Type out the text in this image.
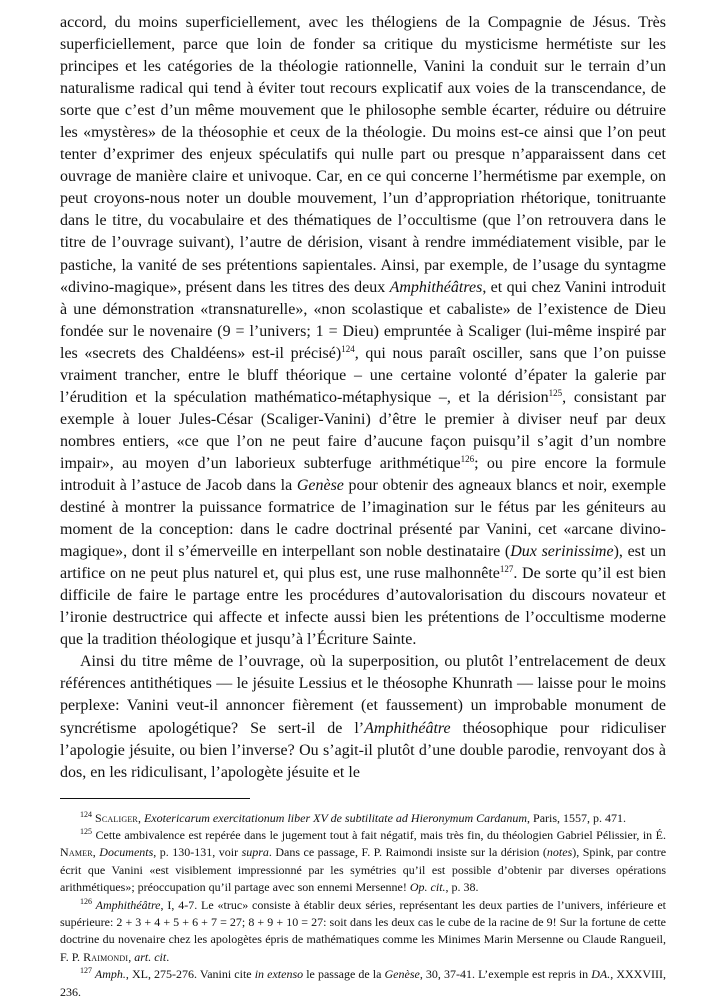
accord, du moins superficiellement, avec les thélogiens de la Compagnie de Jésus. Très superficiellement, parce que loin de fonder sa critique du mysticisme hermétiste sur les principes et les catégories de la théologie rationnelle, Vanini la conduit sur le terrain d’un naturalisme radical qui tend à éviter tout recours explicatif aux voies de la transcendance, de sorte que c’est d’un même mouvement que le philosophe semble écarter, réduire ou détruire les «mystères» de la théosophie et ceux de la théologie. Du moins est-ce ainsi que l’on peut tenter d’exprimer des enjeux spéculatifs qui nulle part ou presque n’apparaissent dans cet ouvrage de manière claire et univoque. Car, en ce qui concerne l’hermétisme par exemple, on peut croyons-nous noter un double mouvement, l’un d’appropriation rhétorique, tonitruante dans le titre, du vocabulaire et des thématiques de l’occultisme (que l’on retrouvera dans le titre de l’ouvrage suivant), l’autre de dérision, visant à rendre immédiatement visible, par le pastiche, la vanité de ses prétentions sapientales. Ainsi, par exemple, de l’usage du syntagme «divino-magique», présent dans les titres des deux Amphithéâtres, et qui chez Vanini introduit à une démonstration «transnaturelle», «non scolastique et cabaliste» de l’existence de Dieu fondée sur le novenaire (9 = l’univers; 1 = Dieu) empruntée à Scaliger (lui-même inspiré par les «secrets des Chaldéens» est-il précisé)$^{124}$, qui nous paraît osciller, sans que l’on puisse vraiment trancher, entre le bluff théorique – une certaine volonté d’épater la galerie par l’érudition et la spéculation mathématico-métaphysique –, et la dérision$^{125}$, consistant par exemple à louer Jules-César (Scaliger-Vanini) d’être le premier à diviser neuf par deux nombres entiers, «ce que l’on ne peut faire d’aucune façon puisqu’il s’agit d’un nombre impair», au moyen d’un laborieux subterfuge arithmétique$^{126}$; ou pire encore la formule introduit à l’astuce de Jacob dans la Genèse pour obtenir des agneaux blancs et noir, exemple destiné à montrer la puissance formatrice de l’imagination sur le fétus par les géniteurs au moment de la conception: dans le cadre doctrinal présenté par Vanini, cet «arcane divino-magique», dont il s’émerveille en interpellant son noble destinataire (Dux serinissime), est un artifice on ne peut plus naturel et, qui plus est, une ruse malhonnête$^{127}$. De sorte qu’il est bien difficile de faire le partage entre les procédures d’autovalorisation du discours novateur et l’ironie destructrice qui affecte et infecte aussi bien les prétentions de l’occultisme moderne que la tradition théologique et jusqu’à l’Écriture Sainte.

Ainsi du titre même de l’ouvrage, où la superposition, ou plutôt l’entrelacement de deux références antithétiques — le jésuite Lessius et le théosophe Khunrath — laisse pour le moins perplexe: Vanini veut-il annoncer fièrement (et faussement) un improbable monument de syncrétisme apologétique? Se sert-il de l’Amphithéâtre théosophique pour ridiculiser l’apologie jésuite, ou bien l’inverse? Ou s’agit-il plutôt d’une double parodie, renvoyant dos à dos, en les ridiculisant, l’apologète jésuite et le

$^{124}$ Scaliger, Exotericarum exercitationum liber XV de subtilitate ad Hieronymum Cardanum, Paris, 1557, p. 471.

$^{125}$ Cette ambivalence est repérée dans le jugement tout à fait négatif, mais très fin, du théologien Gabriel Pélissier, in É. Namer, Documents, p. 130-131, voir supra. Dans ce passage, F. P. Raimondi insiste sur la dérision (notes), Spink, par contre écrit que Vanini «est visiblement impressionné par les symétries qu’il est possible d’obtenir par diverses opérations arithmétiques»; préoccupation qu’il partage avec son ennemi Mersenne! Op. cit., p. 38.

$^{126}$ Amphithéâtre, I, 4-7. Le «truc» consiste à établir deux séries, représentant les deux parties de l’univers, inférieure et supérieure: 2 + 3 + 4 + 5 + 6 + 7 = 27; 8 + 9 + 10 = 27: soit dans les deux cas le cube de la racine de 9! Sur la fortune de cette doctrine du novenaire chez les apologètes épris de mathématiques comme les Minimes Marin Mersenne ou Claude Rangueil, F. P. Raimondi, art. cit.

$^{127}$ Amph., XL, 275-276. Vanini cite in extenso le passage de la Genèse, 30, 37-41. L’exemple est repris in DA., XXXVIII, 236.
